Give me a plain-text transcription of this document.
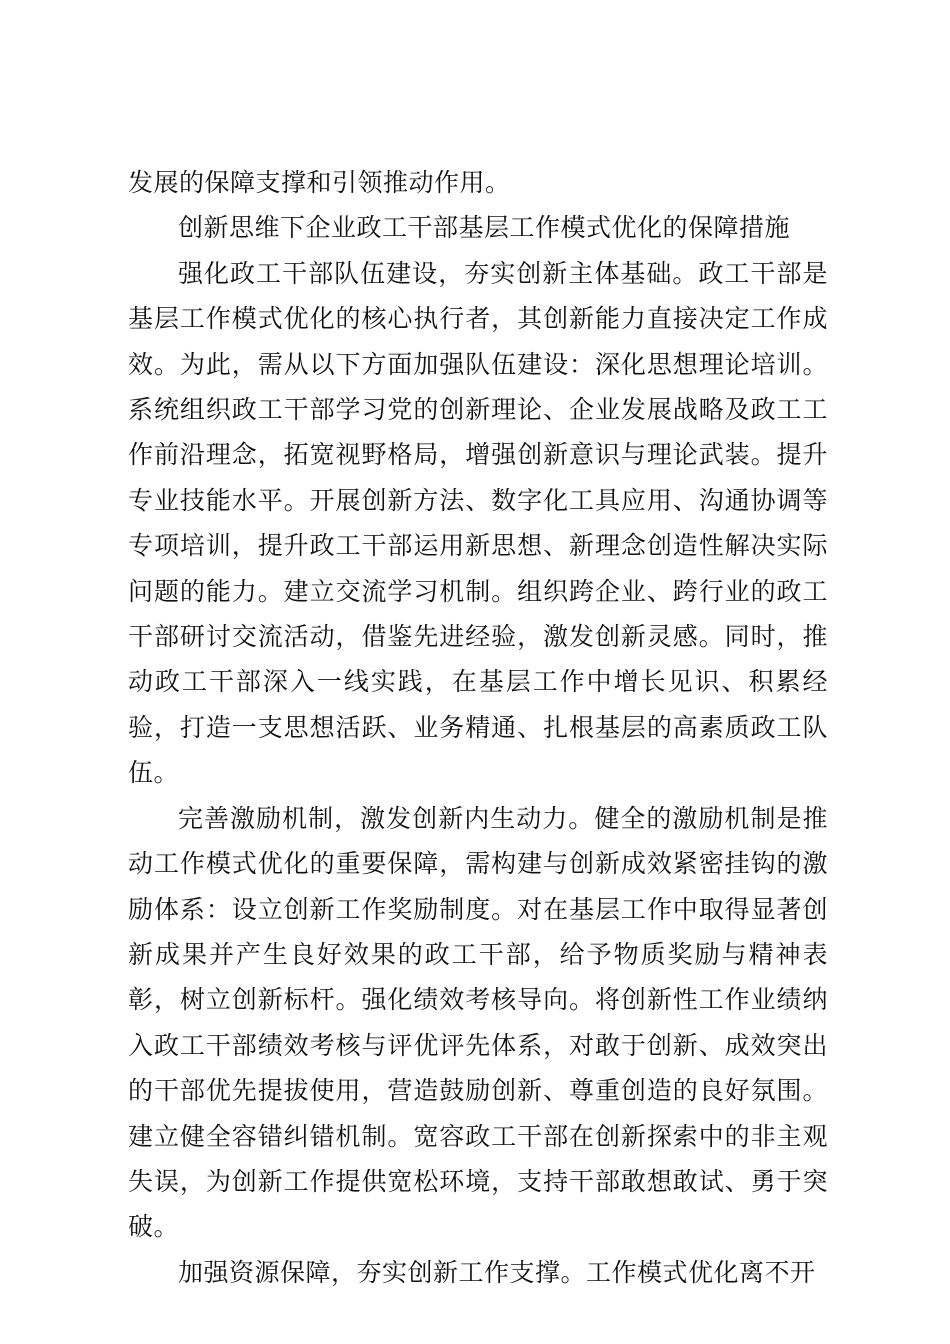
发展的保障支撑和引领推动作用。

创新思维下企业政工干部基层工作模式优化的保障措施

强化政工干部队伍建设，夯实创新主体基础。政工干部是基层工作模式优化的核心执行者，其创新能力直接决定工作成效。为此，需从以下方面加强队伍建设：深化思想理论培训。系统组织政工干部学习党的创新理论、企业发展战略及政工工作前沿理念，拓宽视野格局，增强创新意识与理论武装。提升专业技能水平。开展创新方法、数字化工具应用、沟通协调等专项培训，提升政工干部运用新思想、新理念创造性解决实际问题的能力。建立交流学习机制。组织跨企业、跨行业的政工干部研讨交流活动，借鉴先进经验，激发创新灵感。同时，推动政工干部深入一线实践，在基层工作中增长见识、积累经验，打造一支思想活跃、业务精通、扎根基层的高素质政工队伍。

完善激励机制，激发创新内生动力。健全的激励机制是推动工作模式优化的重要保障，需构建与创新成效紧密挂钩的激励体系：设立创新工作奖励制度。对在基层工作中取得显著创新成果并产生良好效果的政工干部，给予物质奖励与精神表彰，树立创新标杆。强化绩效考核导向。将创新性工作业绩纳入政工干部绩效考核与评优评先体系，对敢于创新、成效突出的干部优先提拔使用，营造鼓励创新、尊重创造的良好氛围。建立健全容错纠错机制。宽容政工干部在创新探索中的非主观失误，为创新工作提供宽松环境，支持干部敢想敢试、勇于突破。

加强资源保障，夯实创新工作支撑。工作模式优化离不开
